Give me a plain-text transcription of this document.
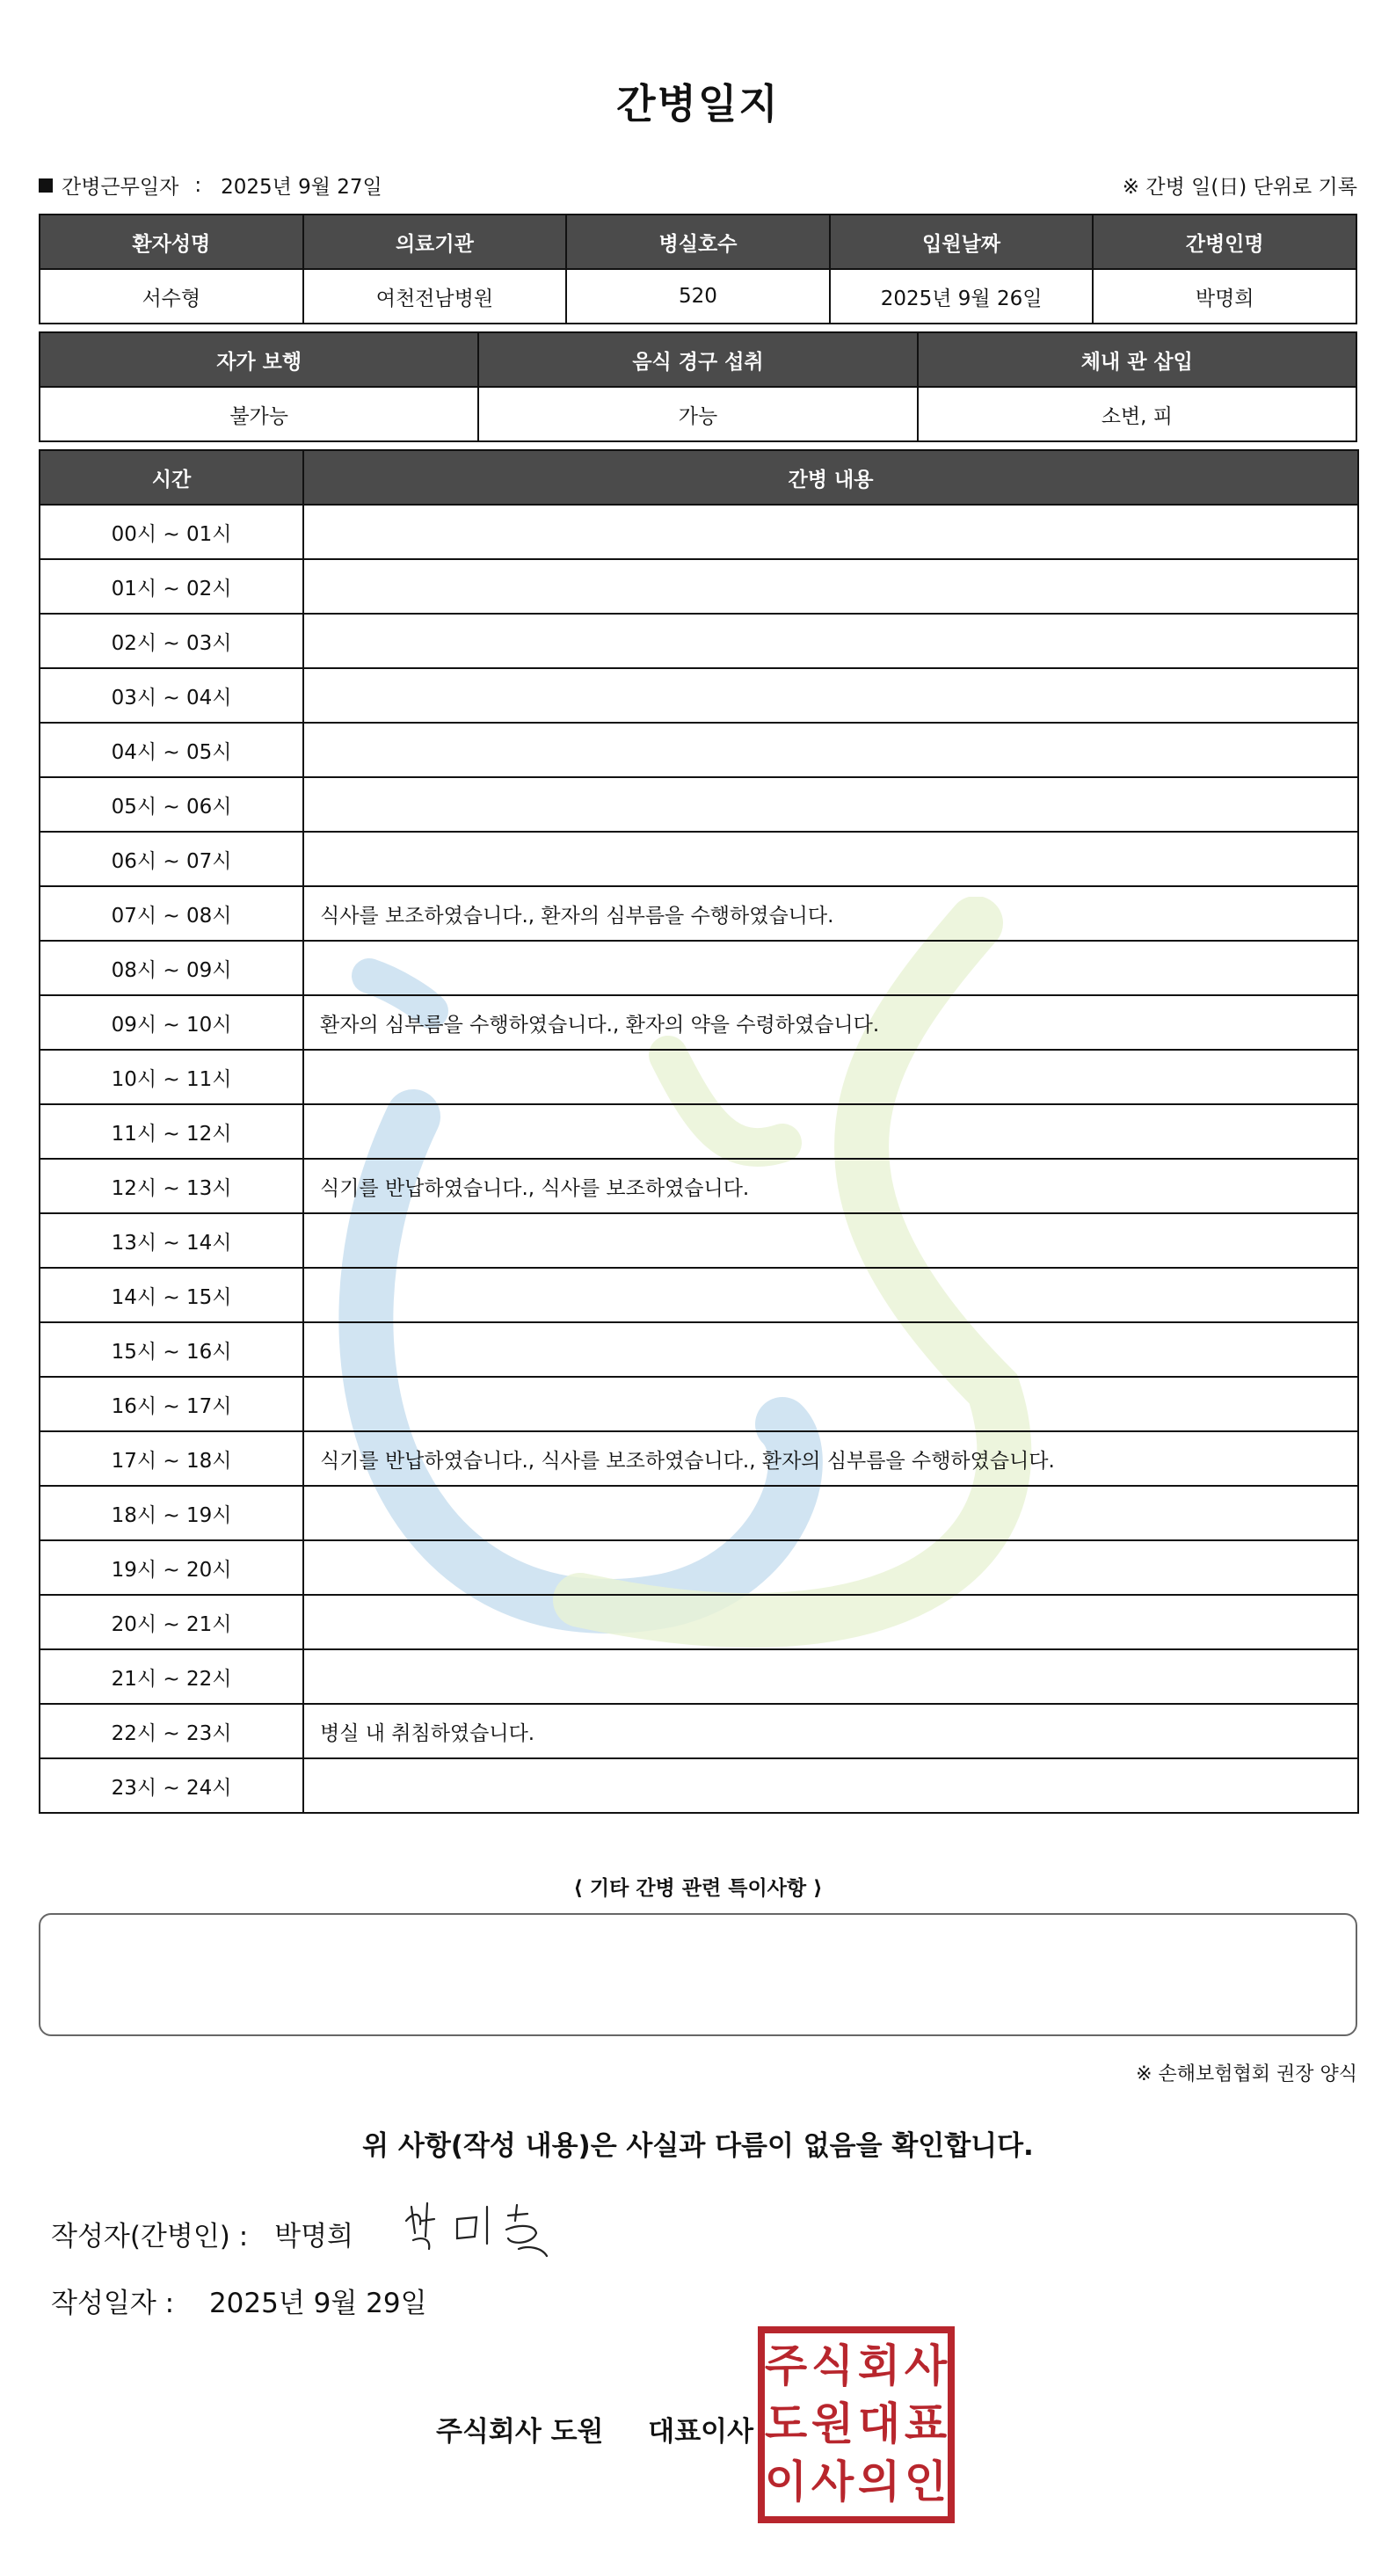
간병일지
간병근무일자 : 2025년 9월 27일	※ 간병 일(日) 단위로 기록
환자성명	의료기관	병실호수	입원날짜	간병인명
서수형	여천전남병원	520	2025년 9월 26일	박명희
자가 보행	음식 경구 섭취	체내 관 삽입
불가능	가능	소변, 피
시간	간병 내용
00시 ~ 01시	
01시 ~ 02시	
02시 ~ 03시	
03시 ~ 04시	
04시 ~ 05시	
05시 ~ 06시	
06시 ~ 07시	
07시 ~ 08시	식사를 보조하였습니다., 환자의 심부름을 수행하였습니다.
08시 ~ 09시	
09시 ~ 10시	환자의 심부름을 수행하였습니다., 환자의 약을 수령하였습니다.
10시 ~ 11시	
11시 ~ 12시	
12시 ~ 13시	식기를 반납하였습니다., 식사를 보조하였습니다.
13시 ~ 14시	
14시 ~ 15시	
15시 ~ 16시	
16시 ~ 17시	
17시 ~ 18시	식기를 반납하였습니다., 식사를 보조하였습니다., 환자의 심부름을 수행하였습니다.
18시 ~ 19시	
19시 ~ 20시	
20시 ~ 21시	
21시 ~ 22시	
22시 ~ 23시	병실 내 취침하였습니다.
23시 ~ 24시	
⟨ 기타 간병 관련 특이사항 ⟩
※ 손해보험협회 권장 양식
위 사항(작성 내용)은 사실과 다름이 없음을 확인합니다.
작성자(간병인) : 박명희
작성일자 : 2025년 9월 29일
주식회사 도원 대표이사
주 식 회 사
도 원 대 표
이 사 의 인
